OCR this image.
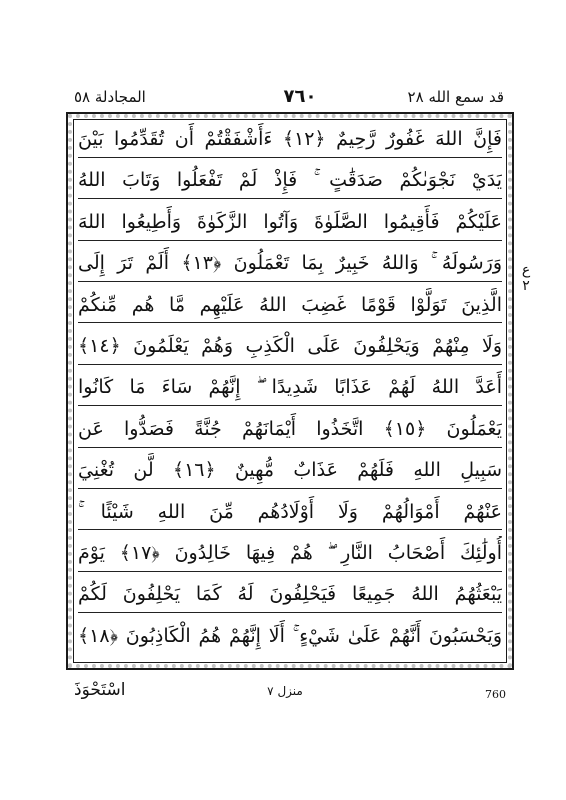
المجادلة ٥٨	٧٦٠	قد سمع الله ٢٨
فَإِنَّ اللهَ غَفُورٌ رَّحِيمٌ ﴿١٢﴾ ءَأَشْفَقْتُمْ أَن تُقَدِّمُوا بَيْنَ
يَدَيْ نَجْوَىٰكُمْ صَدَقَٰتٍ ۚ فَإِذْ لَمْ تَفْعَلُوا وَتَابَ اللهُ
عَلَيْكُمْ فَأَقِيمُوا الصَّلَوٰةَ وَآتُوا الزَّكَوٰةَ وَأَطِيعُوا اللهَ
وَرَسُولَهُ ۚ وَاللهُ خَبِيرٌ بِمَا تَعْمَلُونَ ﴿١٣﴾ أَلَمْ تَرَ إِلَى
الَّذِينَ تَوَلَّوْا قَوْمًا غَضِبَ اللهُ عَلَيْهِم مَّا هُم مِّنكُمْ
وَلَا مِنْهُمْ وَيَحْلِفُونَ عَلَى الْكَذِبِ وَهُمْ يَعْلَمُونَ ﴿١٤﴾
أَعَدَّ اللهُ لَهُمْ عَذَابًا شَدِيدًا ۖ إِنَّهُمْ سَاءَ مَا كَانُوا
يَعْمَلُونَ ﴿١٥﴾ اتَّخَذُوا أَيْمَانَهُمْ جُنَّةً فَصَدُّوا عَن
سَبِيلِ اللهِ فَلَهُمْ عَذَابٌ مُّهِينٌ ﴿١٦﴾ لَّن تُغْنِيَ
عَنْهُمْ أَمْوَالُهُمْ وَلَا أَوْلَادُهُم مِّنَ اللهِ شَيْئًا ۚ
أُولَٰئِكَ أَصْحَابُ النَّارِ ۖ هُمْ فِيهَا خَالِدُونَ ﴿١٧﴾ يَوْمَ
يَبْعَثُهُمُ اللهُ جَمِيعًا فَيَحْلِفُونَ لَهُ كَمَا يَحْلِفُونَ لَكُمْ
وَيَحْسَبُونَ أَنَّهُمْ عَلَىٰ شَيْءٍ ۚ أَلَا إِنَّهُمْ هُمُ الْكَاذِبُونَ ﴿١٨﴾
ع ٢
اسْتَحْوَذَ	منزل ٧	760
